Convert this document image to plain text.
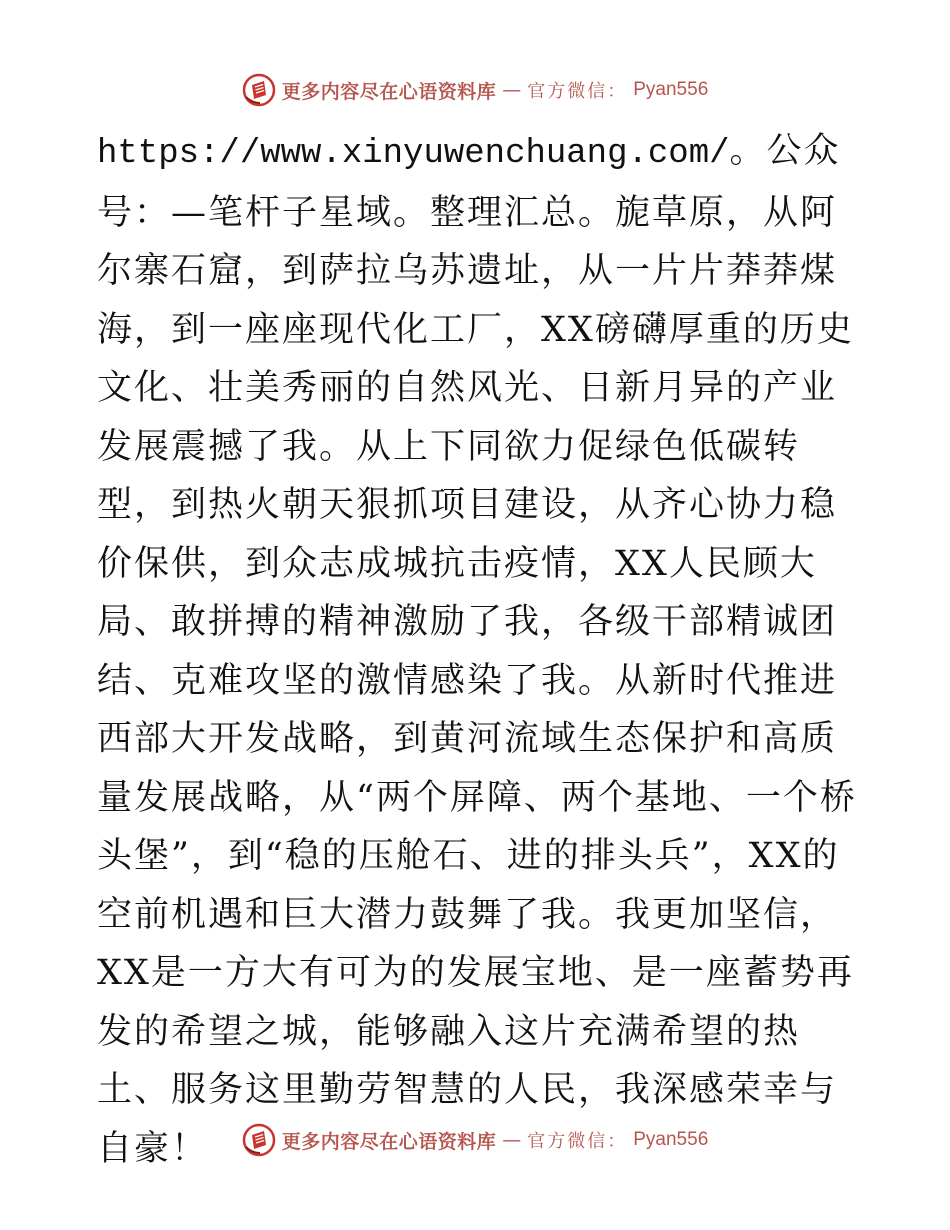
更多内容尽在心语资料库 — 官方微信： Pyan556

https://www.xinyuwenchuang.com/。公众号：—笔杆子星域。整理汇总。旎草原，从阿尔寨石窟，到萨拉乌苏遗址，从一片片莽莽煤海，到一座座现代化工厂，XX磅礴厚重的历史文化、壮美秀丽的自然风光、日新月异的产业发展震撼了我。从上下同欲力促绿色低碳转型，到热火朝天狠抓项目建设，从齐心协力稳价保供，到众志成城抗击疫情，XX人民顾大局、敢拼搏的精神激励了我，各级干部精诚团结、克难攻坚的激情感染了我。从新时代推进西部大开发战略，到黄河流域生态保护和高质量发展战略，从“两个屏障、两个基地、一个桥头堡”，到“稳的压舱石、进的排头兵”，XX的空前机遇和巨大潜力鼓舞了我。我更加坚信，XX是一方大有可为的发展宝地、是一座蓄势再发的希望之城，能够融入这片充满希望的热土、服务这里勤劳智慧的人民，我深感荣幸与自豪！	更多内容尽在心语资料库 — 官方微信： Pyan556
